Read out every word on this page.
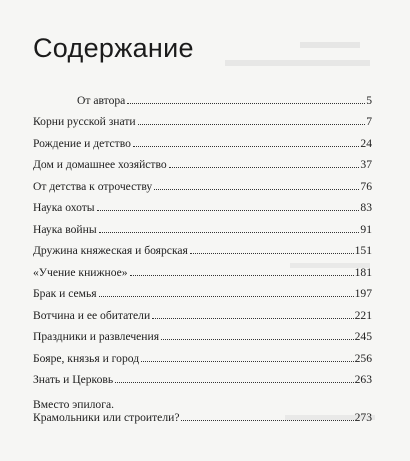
Содержание
От автора	5
Корни русской знати	7
Рождение и детство	24
Дом и домашнее хозяйство	37
От детства к отрочеству	76
Наука охоты	83
Наука войны	91
Дружина княжеская и боярская	151
«Учение книжное»	181
Брак и семья	197
Вотчина и ее обитатели	221
Праздники и развлечения	245
Бояре, князья и город	256
Знать и Церковь	263
Вместо эпилога.
Крамольники или строители?	273
